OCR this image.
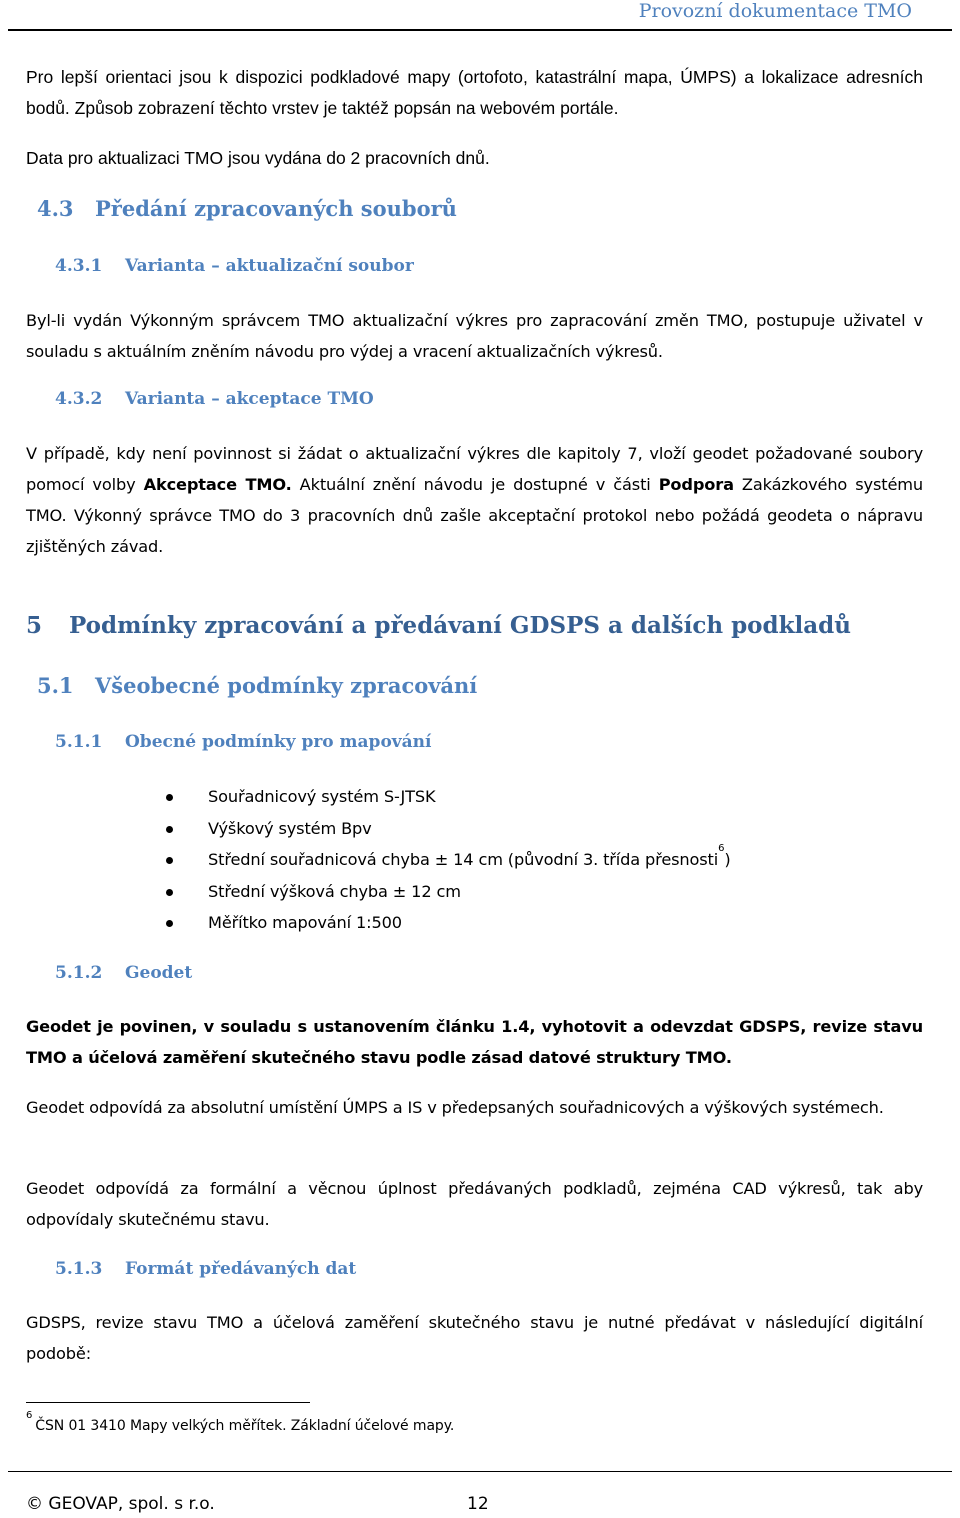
Provozní dokumentace TMO

Pro lepší orientaci jsou k dispozici podkladové mapy (ortofoto, katastrální mapa, ÚMPS) a lokalizace adresních bodů. Způsob zobrazení těchto vrstev je taktéž popsán na webovém portále.

Data pro aktualizaci TMO jsou vydána do 2 pracovních dnů.

4.3 Předání zpracovaných souborů
4.3.1 Varianta – aktualizační soubor

Byl-li vydán Výkonným správcem TMO aktualizační výkres pro zapracování změn TMO, postupuje uživatel v souladu s aktuálním zněním návodu pro výdej a vracení aktualizačních výkresů.

4.3.2 Varianta – akceptace TMO

V případě, kdy není povinnost si žádat o aktualizační výkres dle kapitoly 7, vloží geodet požadované soubory pomocí volby Akceptace TMO. Aktuální znění návodu je dostupné v části Podpora Zakázkového systému TMO. Výkonný správce TMO do 3 pracovních dnů zašle akceptační protokol nebo požádá geodeta o nápravu zjištěných závad.

5 Podmínky zpracování a předávaní GDSPS a dalších podkladů
5.1 Všeobecné podmínky zpracování
5.1.1 Obecné podmínky pro mapování
Souřadnicový systém S-JTSK
Výškový systém Bpv
Střední souřadnicová chyba ± 14 cm (původní 3. třída přesnosti$^6$)
Střední výšková chyba ± 12 cm
Měřítko mapování 1:500
5.1.2 Geodet

Geodet je povinen, v souladu s ustanovením článku 1.4, vyhotovit a odevzdat GDSPS, revize stavu TMO a účelová zaměření skutečného stavu podle zásad datové struktury TMO.

Geodet odpovídá za absolutní umístění ÚMPS a IS v předepsaných souřadnicových a výškových systémech.

Geodet odpovídá za formální a věcnou úplnost předávaných podkladů, zejména CAD výkresů, tak aby odpovídaly skutečnému stavu.

5.1.3 Formát předávaných dat

GDSPS, revize stavu TMO a účelová zaměření skutečného stavu je nutné předávat v následující digitální podobě:

$^6$ČSN 01 3410 Mapy velkých měřítek. Základní účelové mapy.

© GEOVAP, spol. s r.o.	12
